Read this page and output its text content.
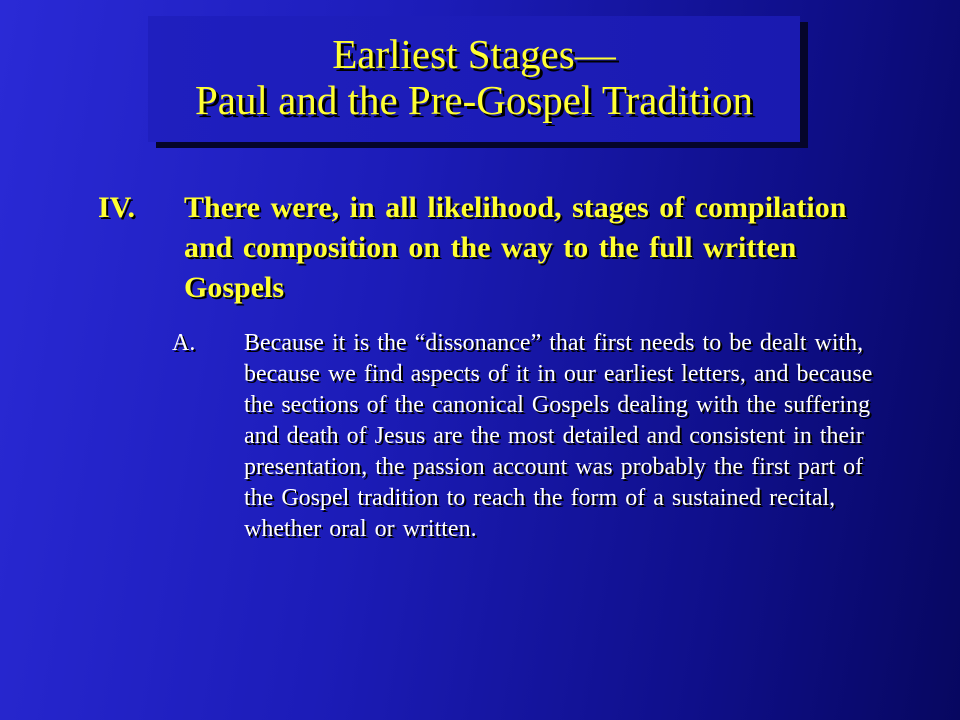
Earliest Stages—
Paul and the Pre-Gospel Tradition
IV. There were, in all likelihood, stages of compilation and composition on the way to the full written Gospels
A. Because it is the “dissonance” that first needs to be dealt with, because we find aspects of it in our earliest letters, and because the sections of the canonical Gospels dealing with the suffering and death of Jesus are the most detailed and consistent in their presentation, the passion account was probably the first part of the Gospel tradition to reach the form of a sustained recital, whether oral or written.
